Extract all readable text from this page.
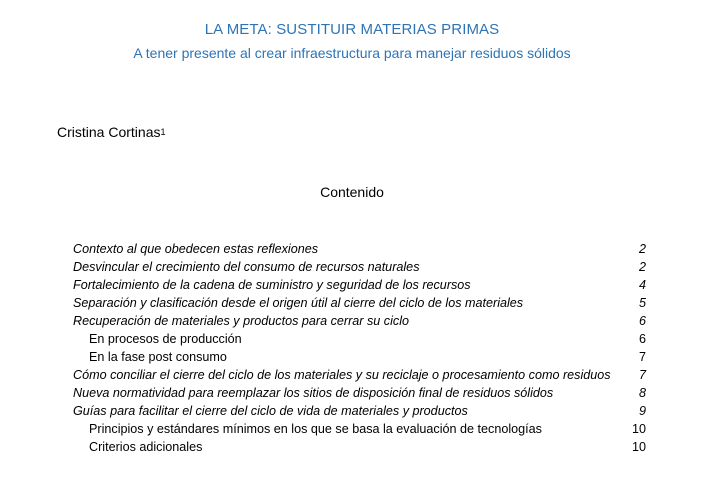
LA META: SUSTITUIR MATERIAS PRIMAS
A tener presente al crear infraestructura para manejar residuos sólidos
Cristina Cortinas$^1$
Contenido
Contexto al que obedecen estas reflexiones	2
Desvincular el crecimiento del consumo de recursos naturales	2
Fortalecimiento de la cadena de suministro y seguridad de los recursos	4
Separación y clasificación desde el origen útil al cierre del ciclo de los materiales	5
Recuperación de materiales y productos para cerrar su ciclo	6
En procesos de producción	6
En la fase post consumo	7
Cómo conciliar el cierre del ciclo de los materiales y su reciclaje o procesamiento como residuos 7
Nueva normatividad para reemplazar los sitios de disposición final de residuos sólidos	8
Guías para facilitar el cierre del ciclo de vida de materiales y productos	9
Principios y estándares mínimos en los que se basa la evaluación de tecnologías	10
Criterios adicionales	10
